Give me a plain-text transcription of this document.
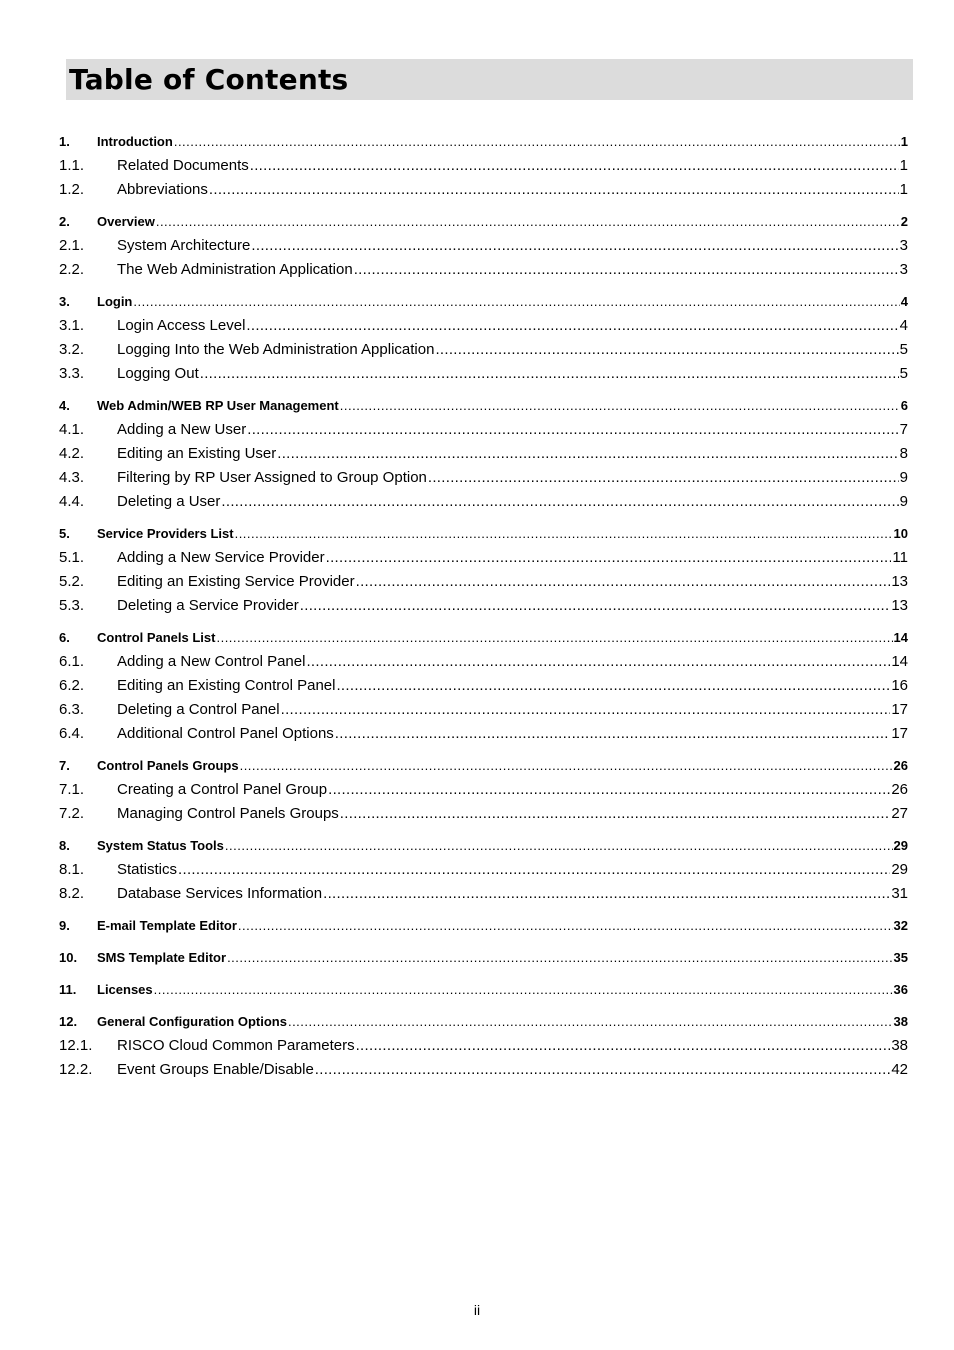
Table of Contents
1.	Introduction .....	1
1.1.	Related Documents .....	1
1.2.	Abbreviations .....	1
2.	Overview .....	2
2.1.	System Architecture .....	3
2.2.	The Web Administration Application .....	3
3.	Login .....	4
3.1.	Login Access Level .....	4
3.2.	Logging Into the Web Administration Application .....	5
3.3.	Logging Out .....	5
4.	Web Admin/WEB RP User Management .....	6
4.1.	Adding a New User .....	7
4.2.	Editing an Existing User .....	8
4.3.	Filtering by RP User Assigned to Group Option .....	9
4.4.	Deleting a User .....	9
5.	Service Providers List .....	10
5.1.	Adding a New Service Provider .....	11
5.2.	Editing an Existing Service Provider .....	13
5.3.	Deleting a Service Provider .....	13
6.	Control Panels List .....	14
6.1.	Adding a New Control Panel .....	14
6.2.	Editing an Existing Control Panel .....	16
6.3.	Deleting a Control Panel .....	17
6.4.	Additional Control Panel Options .....	17
7.	Control Panels Groups .....	26
7.1.	Creating a Control Panel Group .....	26
7.2.	Managing Control Panels Groups .....	27
8.	System Status Tools .....	29
8.1.	Statistics .....	29
8.2.	Database Services Information .....	31
9.	E-mail Template Editor .....	32
10.	SMS Template Editor .....	35
11.	Licenses .....	36
12.	General Configuration Options .....	38
12.1.	RISCO Cloud Common Parameters .....	38
12.2.	Event Groups Enable/Disable .....	42
ii
